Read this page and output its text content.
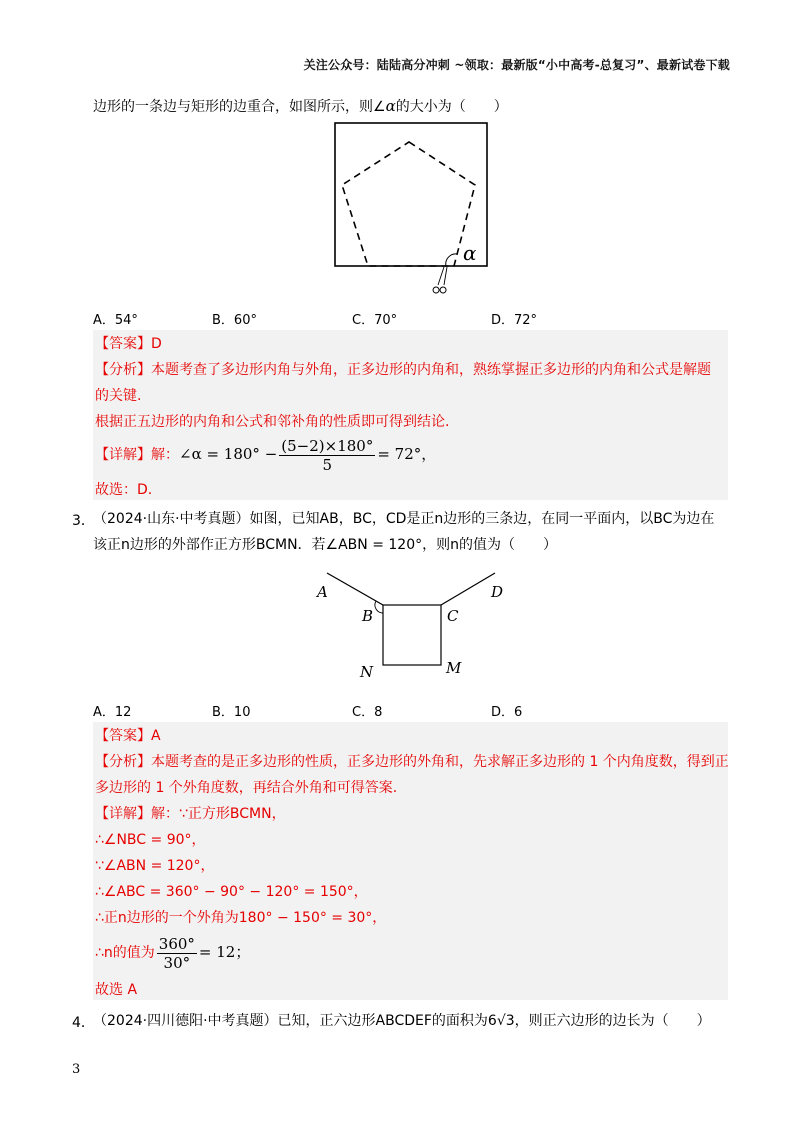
关注公众号：陆陆高分冲刺 ~领取：最新版“小中高考-总复习”、最新试卷下载
边形的一条边与矩形的边重合，如图所示，则∠α的大小为（　　）
α
A．54°	B．60°	C．70°	D．72°
【答案】D
【分析】本题考查了多边形内角与外角，正多边形的内角和，熟练掌握正多边形的内角和公式是解题
的关键.
根据正五边形的内角和公式和邻补角的性质即可得到结论.
【详解】解：∠α = $180^\circ - \frac{(5-2)\times 180^\circ}{5} = 72^\circ$，
故选：D.
3．
（2024·山东·中考真题）如图，已知AB，BC，CD是正n边形的三条边，在同一平面内，以BC为边在
该正n边形的外部作正方形BCMN．若∠ABN = 120°，则n的值为（　　）
A
B	C
D
N	M
A．12	B．10	C．8	D．6
【答案】A
【分析】本题考查的是正多边形的性质，正多边形的外角和，先求解正多边形的 1 个内角度数，得到正
多边形的 1 个外角度数，再结合外角和可得答案.
【详解】解：∵正方形BCMN，
∴∠NBC = 90°，
∵∠ABN = 120°，
∴∠ABC = 360° − 90° − 120° = 150°，
∴正n边形的一个外角为180° − 150° = 30°，
∴n的值为 $\frac{360^\circ}{30^\circ} = 12$；
故选 A
4．
（2024·四川德阳·中考真题）已知，正六边形ABCDEF的面积为6√3，则正六边形的边长为（　　）
3
